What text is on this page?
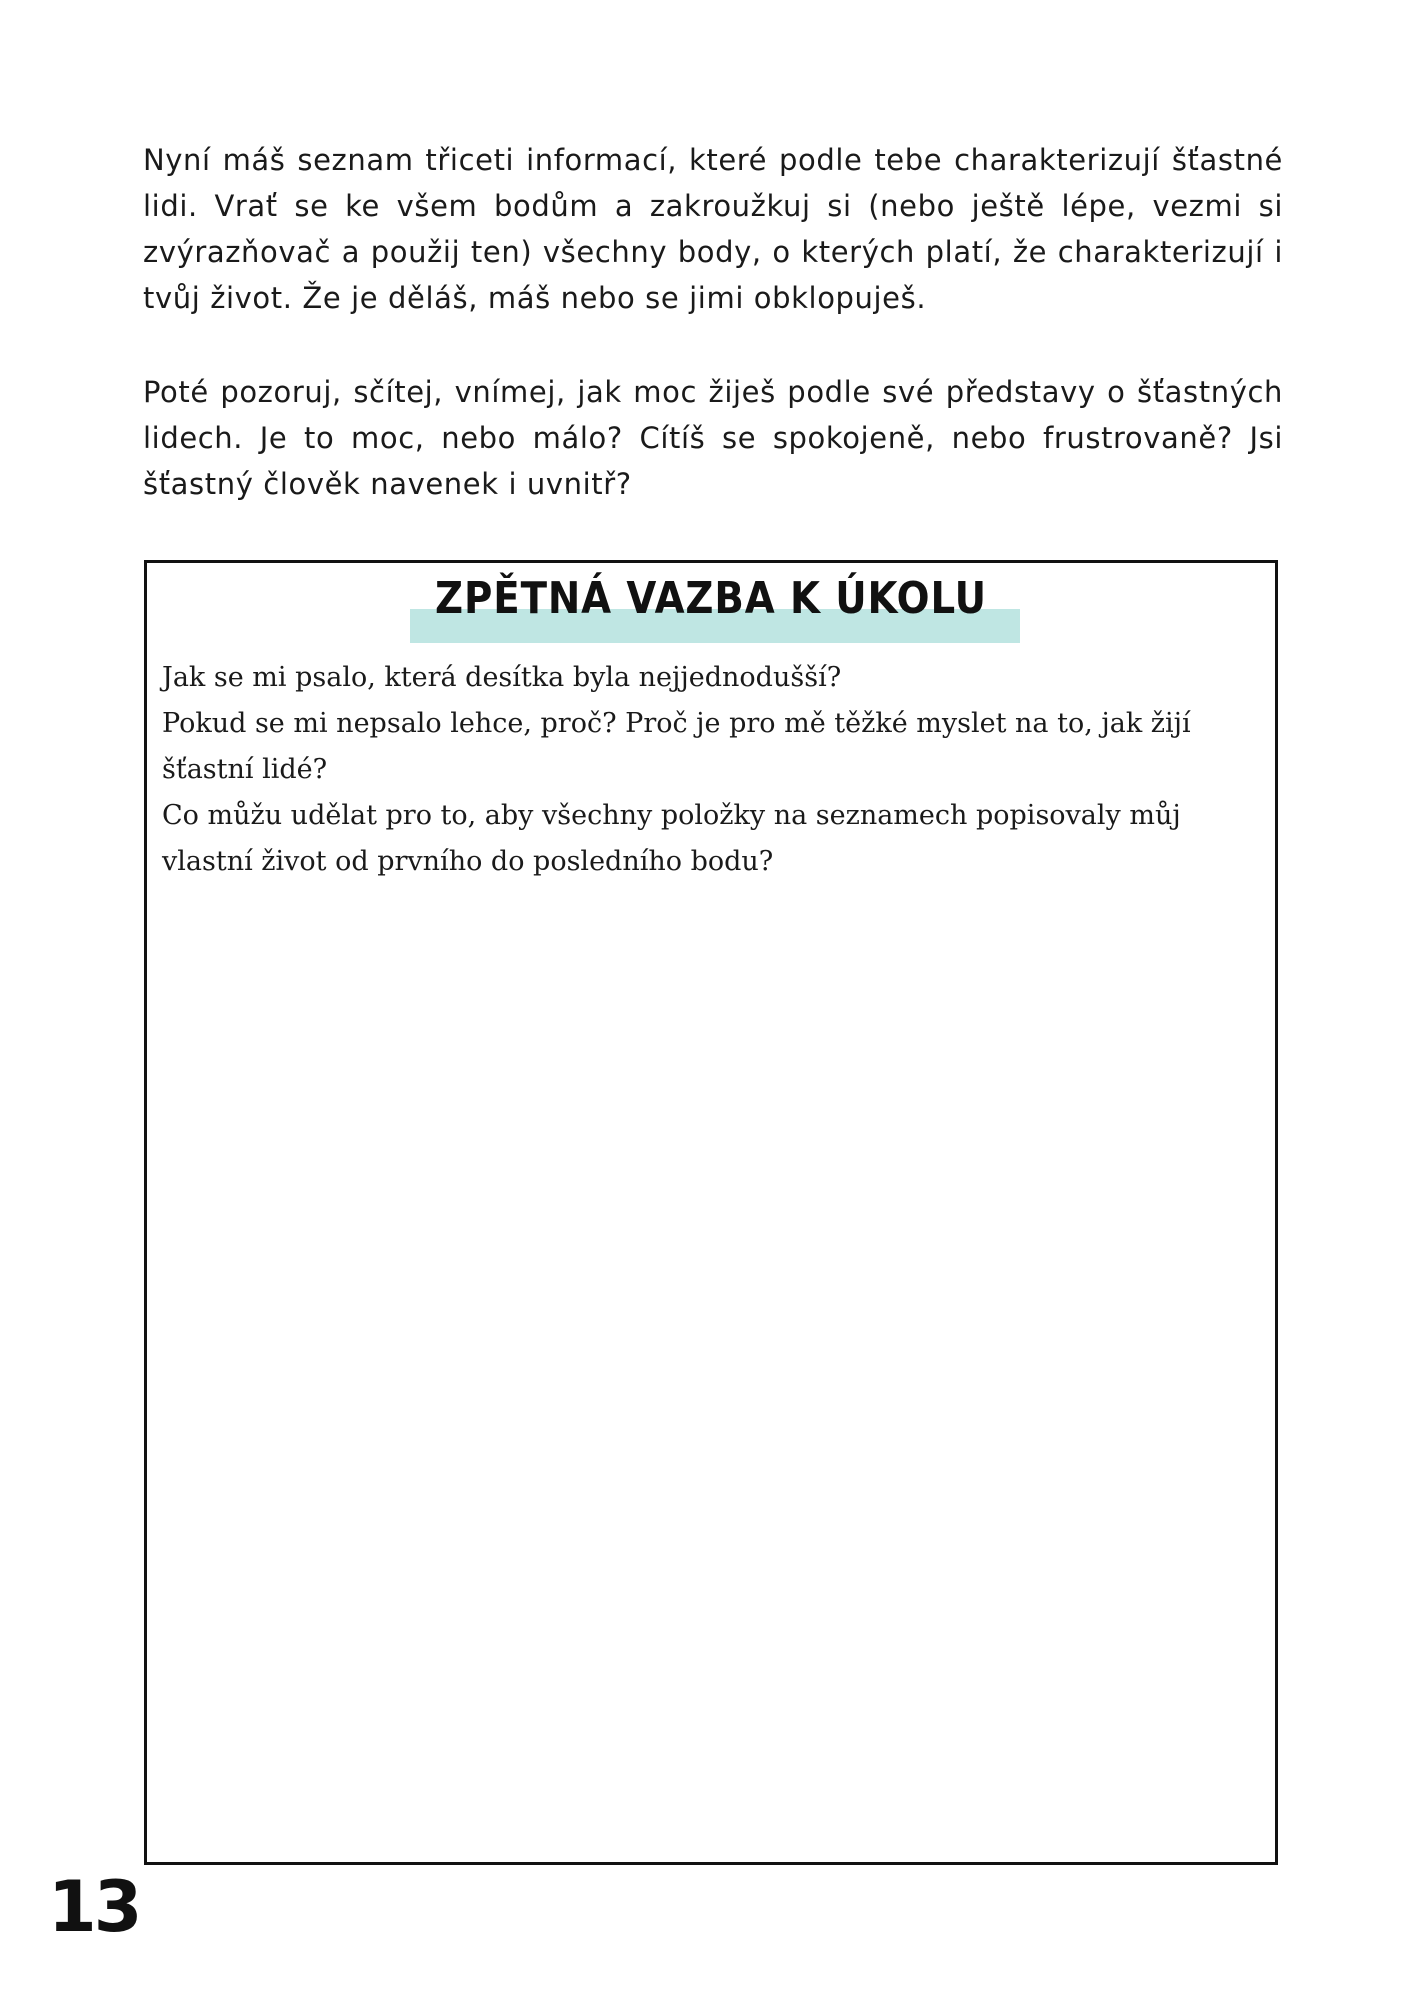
Nyní máš seznam třiceti informací, které podle tebe charakterizují šťastné lidi. Vrať se ke všem bodům a zakroužkuj si (nebo ještě lépe, vezmi si zvýrazňovač a použij ten) všechny body, o kterých platí, že charakterizují i tvůj život. Že je děláš, máš nebo se jimi obklopuješ.

Poté pozoruj, sčítej, vnímej, jak moc žiješ podle své představy o šťastných lidech. Je to moc, nebo málo? Cítíš se spokojeně, nebo frustrovaně? Jsi šťastný člověk navenek i uvnitř?

ZPĚTNÁ VAZBA K ÚKOLU

Jak se mi psalo, která desítka byla nejjednodušší?

Pokud se mi nepsalo lehce, proč? Proč je pro mě těžké myslet na to, jak žijí šťastní lidé?

Co můžu udělat pro to, aby všechny položky na seznamech popisovaly můj vlastní život od prvního do posledního bodu?

13
